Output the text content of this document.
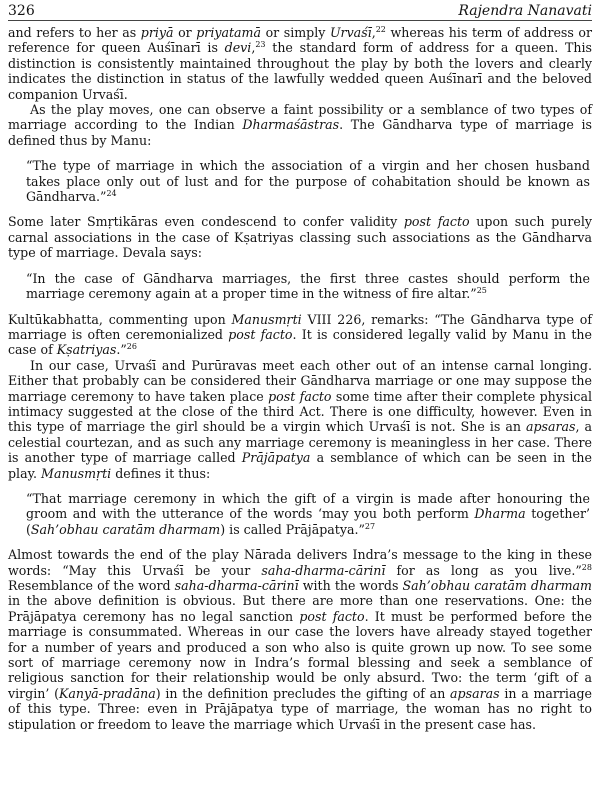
326	Rajendra Nanavati

and refers to her as priyā or priyatamā or simply Urvaśī,$^{22}$ whereas his term of address or reference for queen Auśīnarī is devi,$^{23}$ the standard form of address for a queen. This distinction is consistently maintained throughout the play by both the lovers and clearly indicates the distinction in status of the lawfully wedded queen Auśīnarī and the beloved companion Urvaśī.

As the play moves, one can observe a faint possibility or a semblance of two types of marriage according to the Indian Dharmaśāstras. The Gāndharva type of marriage is defined thus by Manu:

“The type of marriage in which the association of a virgin and her chosen husband takes place only out of lust and for the purpose of cohabitation should be known as Gāndharva.”$^{24}$

Some later Smṛtikāras even condescend to confer validity post facto upon such purely carnal associations in the case of Kṣatriyas classing such associations as the Gāndharva type of marriage. Devala says:

“In the case of Gāndharva marriages, the first three castes should perform the marriage ceremony again at a proper time in the witness of fire altar.”$^{25}$

Kultūkabhatta, commenting upon Manusmṛti VIII 226, remarks: “The Gāndharva type of marriage is often ceremonialized post facto. It is considered legally valid by Manu in the case of Kṣatriyas.”$^{26}$

In our case, Urvaśī and Purūravas meet each other out of an intense carnal longing. Either that probably can be considered their Gāndharva marriage or one may suppose the marriage ceremony to have taken place post facto some time after their complete physical intimacy suggested at the close of the third Act. There is one difficulty, however. Even in this type of marriage the girl should be a virgin which Urvaśī is not. She is an apsaras, a celestial courtezan, and as such any marriage ceremony is meaningless in her case. There is another type of marriage called Prājāpatya a semblance of which can be seen in the play. Manusmṛti defines it thus:

“That marriage ceremony in which the gift of a virgin is made after honouring the groom and with the utterance of the words ‘may you both perform Dharma together’ (Sah’obhau caratām dharmam) is called Prājāpatya.”$^{27}$

Almost towards the end of the play Nārada delivers Indra’s message to the king in these words: “May this Urvaśī be your saha-dharma-cārinī for as long as you live.”$^{28}$ Resemblance of the word saha-dharma-cārinī with the words Sah’obhau caratām dharmam in the above definition is obvious. But there are more than one reservations. One: the Prājāpatya ceremony has no legal sanction post facto. It must be performed before the marriage is consummated. Whereas in our case the lovers have already stayed together for a number of years and produced a son who also is quite grown up now. To see some sort of marriage ceremony now in Indra’s formal blessing and seek a semblance of religious sanction for their relationship would be only absurd. Two: the term ‘gift of a virgin’ (Kanyā-pradāna) in the definition precludes the gifting of an apsaras in a marriage of this type. Three: even in Prājāpatya type of marriage, the woman has no right to stipulation or freedom to leave the marriage which Urvaśī in the present case has.
